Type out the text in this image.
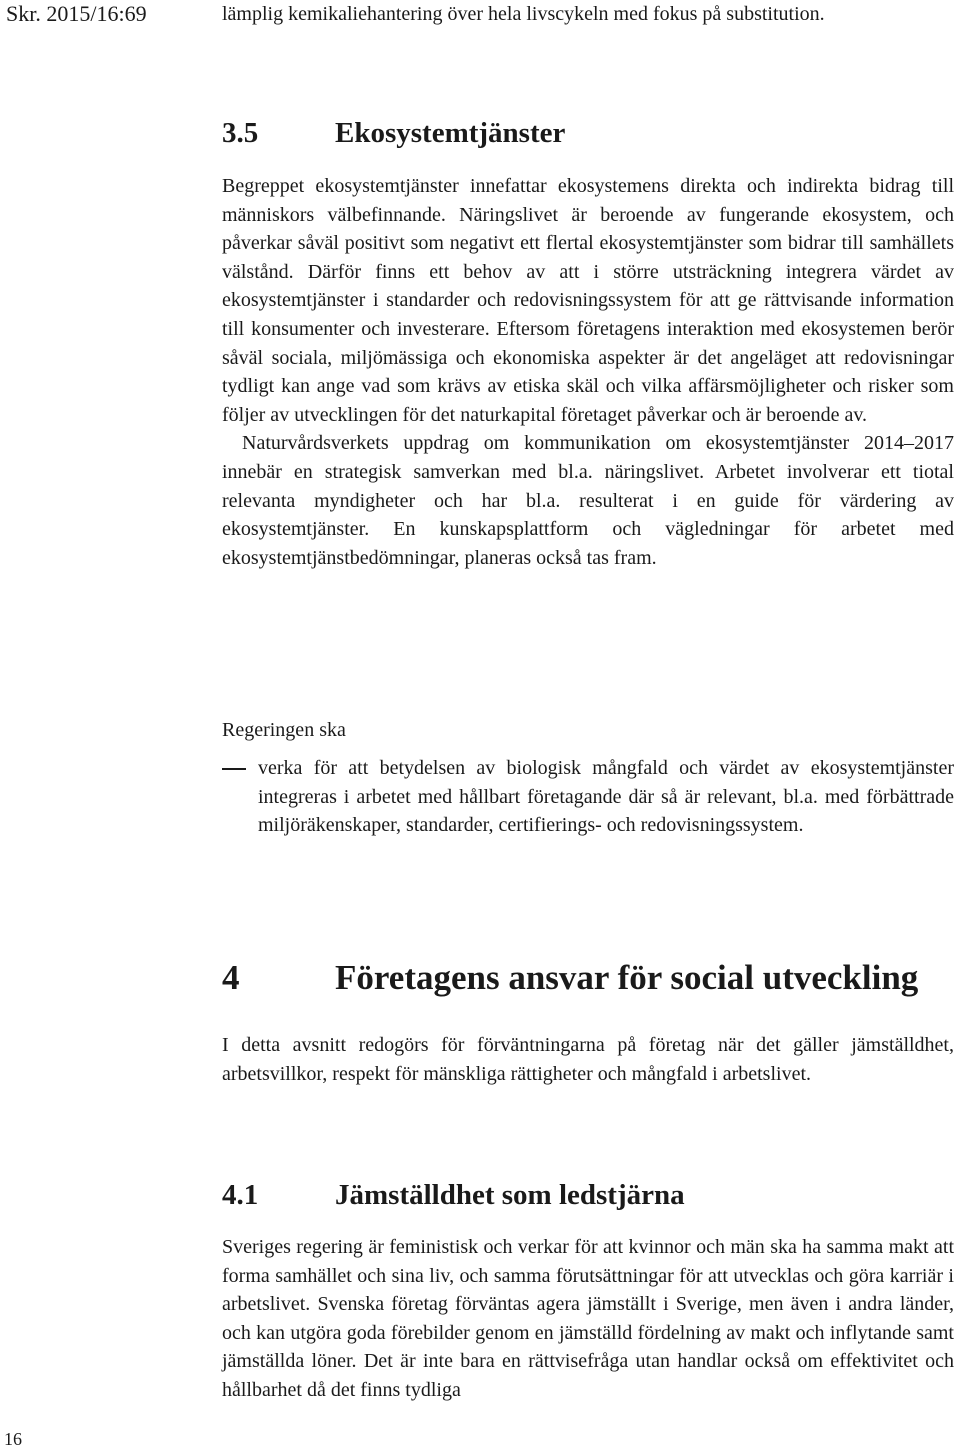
Skr. 2015/16:69	lämplig kemikaliehantering över hela livscykeln med fokus på substitution.

3.5	Ekosystemtjänster

Begreppet ekosystemtjänster innefattar ekosystemens direkta och indirekta bidrag till människors välbefinnande. Näringslivet är beroende av fungerande ekosystem, och påverkar såväl positivt som negativt ett flertal ekosystemtjänster som bidrar till samhällets välstånd. Därför finns ett behov av att i större utsträckning integrera värdet av ekosystemtjänster i standarder och redovisningssystem för att ge rättvisande information till konsumenter och investerare. Eftersom företagens interaktion med ekosystemen berör såväl sociala, miljömässiga och ekonomiska aspekter är det angeläget att redovisningar tydligt kan ange vad som krävs av etiska skäl och vilka affärsmöjligheter och risker som följer av utvecklingen för det naturkapital företaget påverkar och är beroende av.

Naturvårdsverkets uppdrag om kommunikation om ekosystemtjänster 2014–2017 innebär en strategisk samverkan med bl.a. näringslivet. Arbetet involverar ett tiotal relevanta myndigheter och har bl.a. resulterat i en guide för värdering av ekosystemtjänster. En kunskapsplattform och vägledningar för arbetet med ekosystemtjänstbedömningar, planeras också tas fram.

Regeringen ska

verka för att betydelsen av biologisk mångfald och värdet av ekosystemtjänster integreras i arbetet med hållbart företagande där så är relevant, bl.a. med förbättrade miljöräkenskaper, standarder, certifierings- och redovisningssystem.
4	Företagens ansvar för social utveckling

I detta avsnitt redogörs för förväntningarna på företag när det gäller jämställdhet, arbetsvillkor, respekt för mänskliga rättigheter och mångfald i arbetslivet.

4.1	Jämställdhet som ledstjärna

Sveriges regering är feministisk och verkar för att kvinnor och män ska ha samma makt att forma samhället och sina liv, och samma förutsättningar för att utvecklas och göra karriär i arbetslivet. Svenska företag förväntas agera jämställt i Sverige, men även i andra länder, och kan utgöra goda förebilder genom en jämställd fördelning av makt och inflytande samt jämställda löner. Det är inte bara en rättvisefråga utan handlar också om effektivitet och hållbarhet då det finns tydliga

16
